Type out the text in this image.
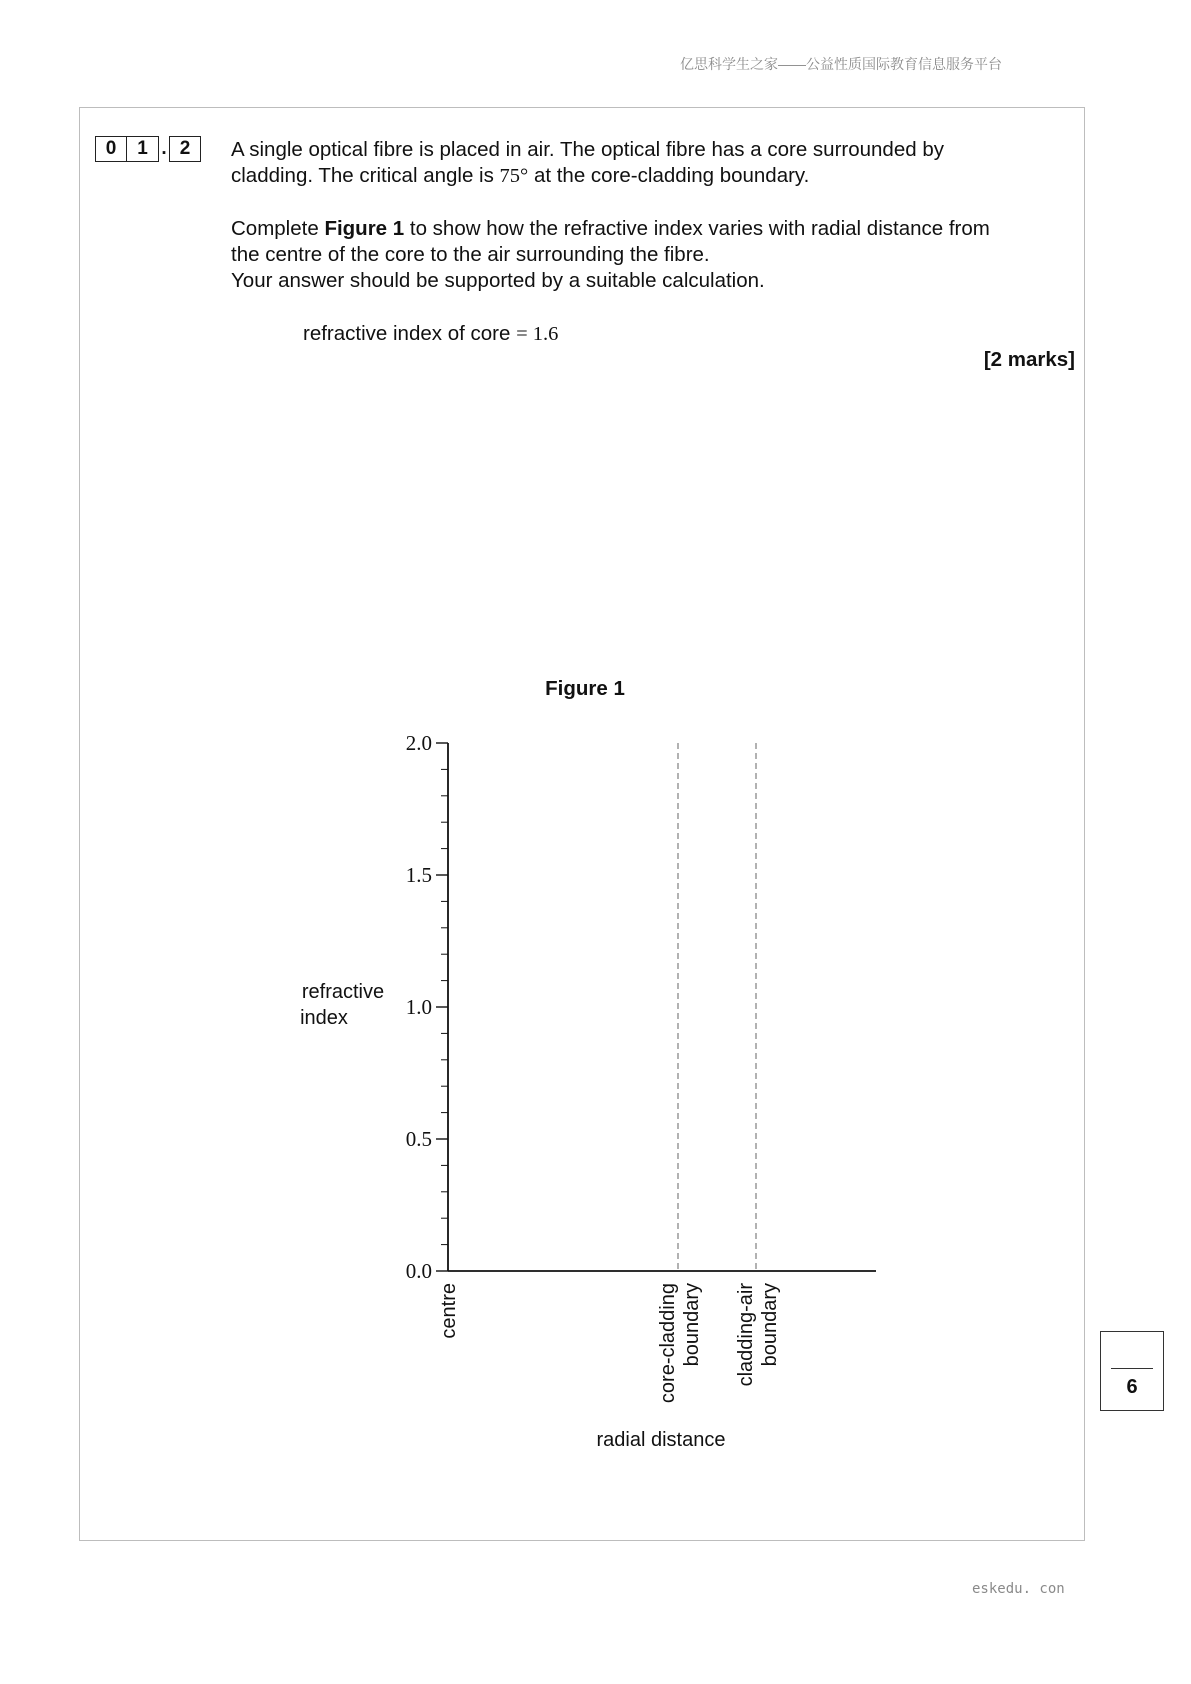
亿思科学生之家——公益性质国际教育信息服务平台
0	1 . 2	A single optical fibre is placed in air. The optical fibre has a core surrounded by
cladding. The critical angle is 75° at the core-cladding boundary.
Complete Figure 1 to show how the refractive index varies with radial distance from
the centre of the core to the air surrounding the fibre.
Your answer should be supported by a suitable calculation.
refractive index of core = 1.6
[2 marks]
Figure 1
0.0
0.5
1.0
1.5
2.0
centre	core-cladding boundary cladding-air boundary
refractive
index
radial distance
6
eskedu. con
